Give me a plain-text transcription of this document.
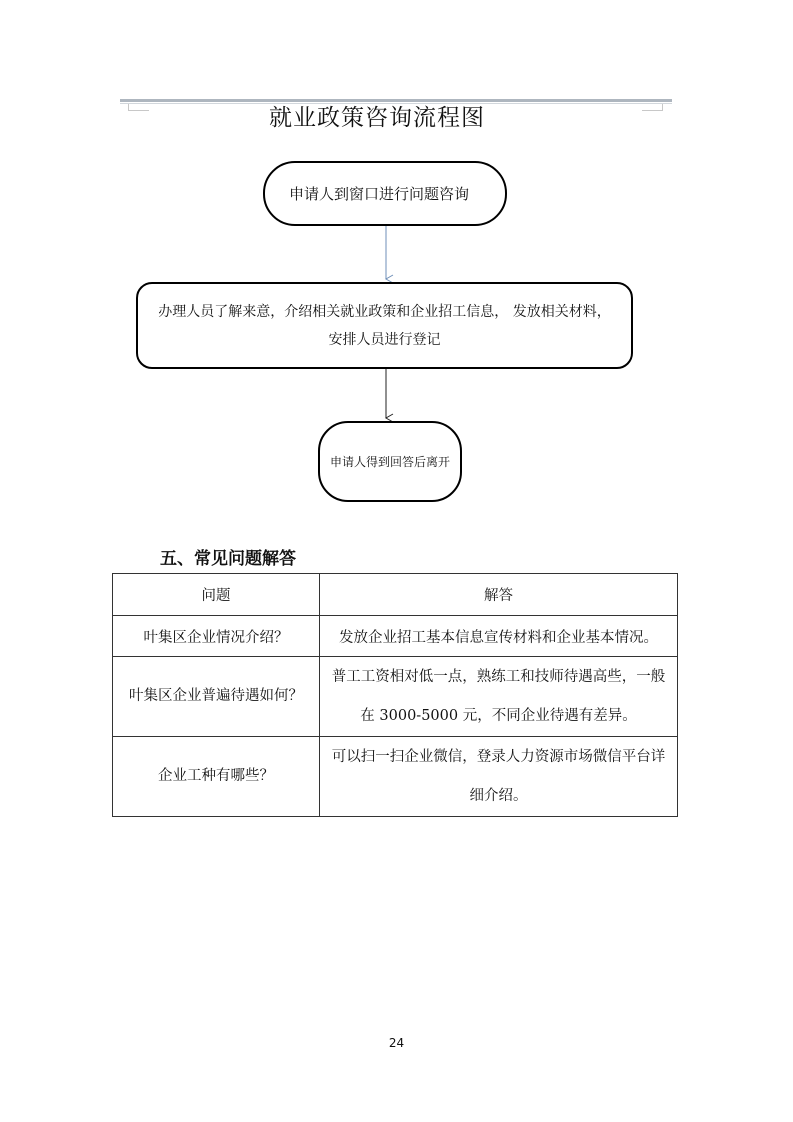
就业政策咨询流程图
申请人到窗口进行问题咨询
办理人员了解来意，介绍相关就业政策和企业招工信息， 发放相关材料，安排人员进行登记
申请人得到回答后离开
五、常见问题解答
问题	解答
叶集区企业情况介绍？	发放企业招工基本信息宣传材料和企业基本情况。
叶集区企业普遍待遇如何？	普工工资相对低一点，熟练工和技师待遇高些，一般在 3000-5000 元，不同企业待遇有差异。
企业工种有哪些？	可以扫一扫企业微信，登录人力资源市场微信平台详细介绍。
24
